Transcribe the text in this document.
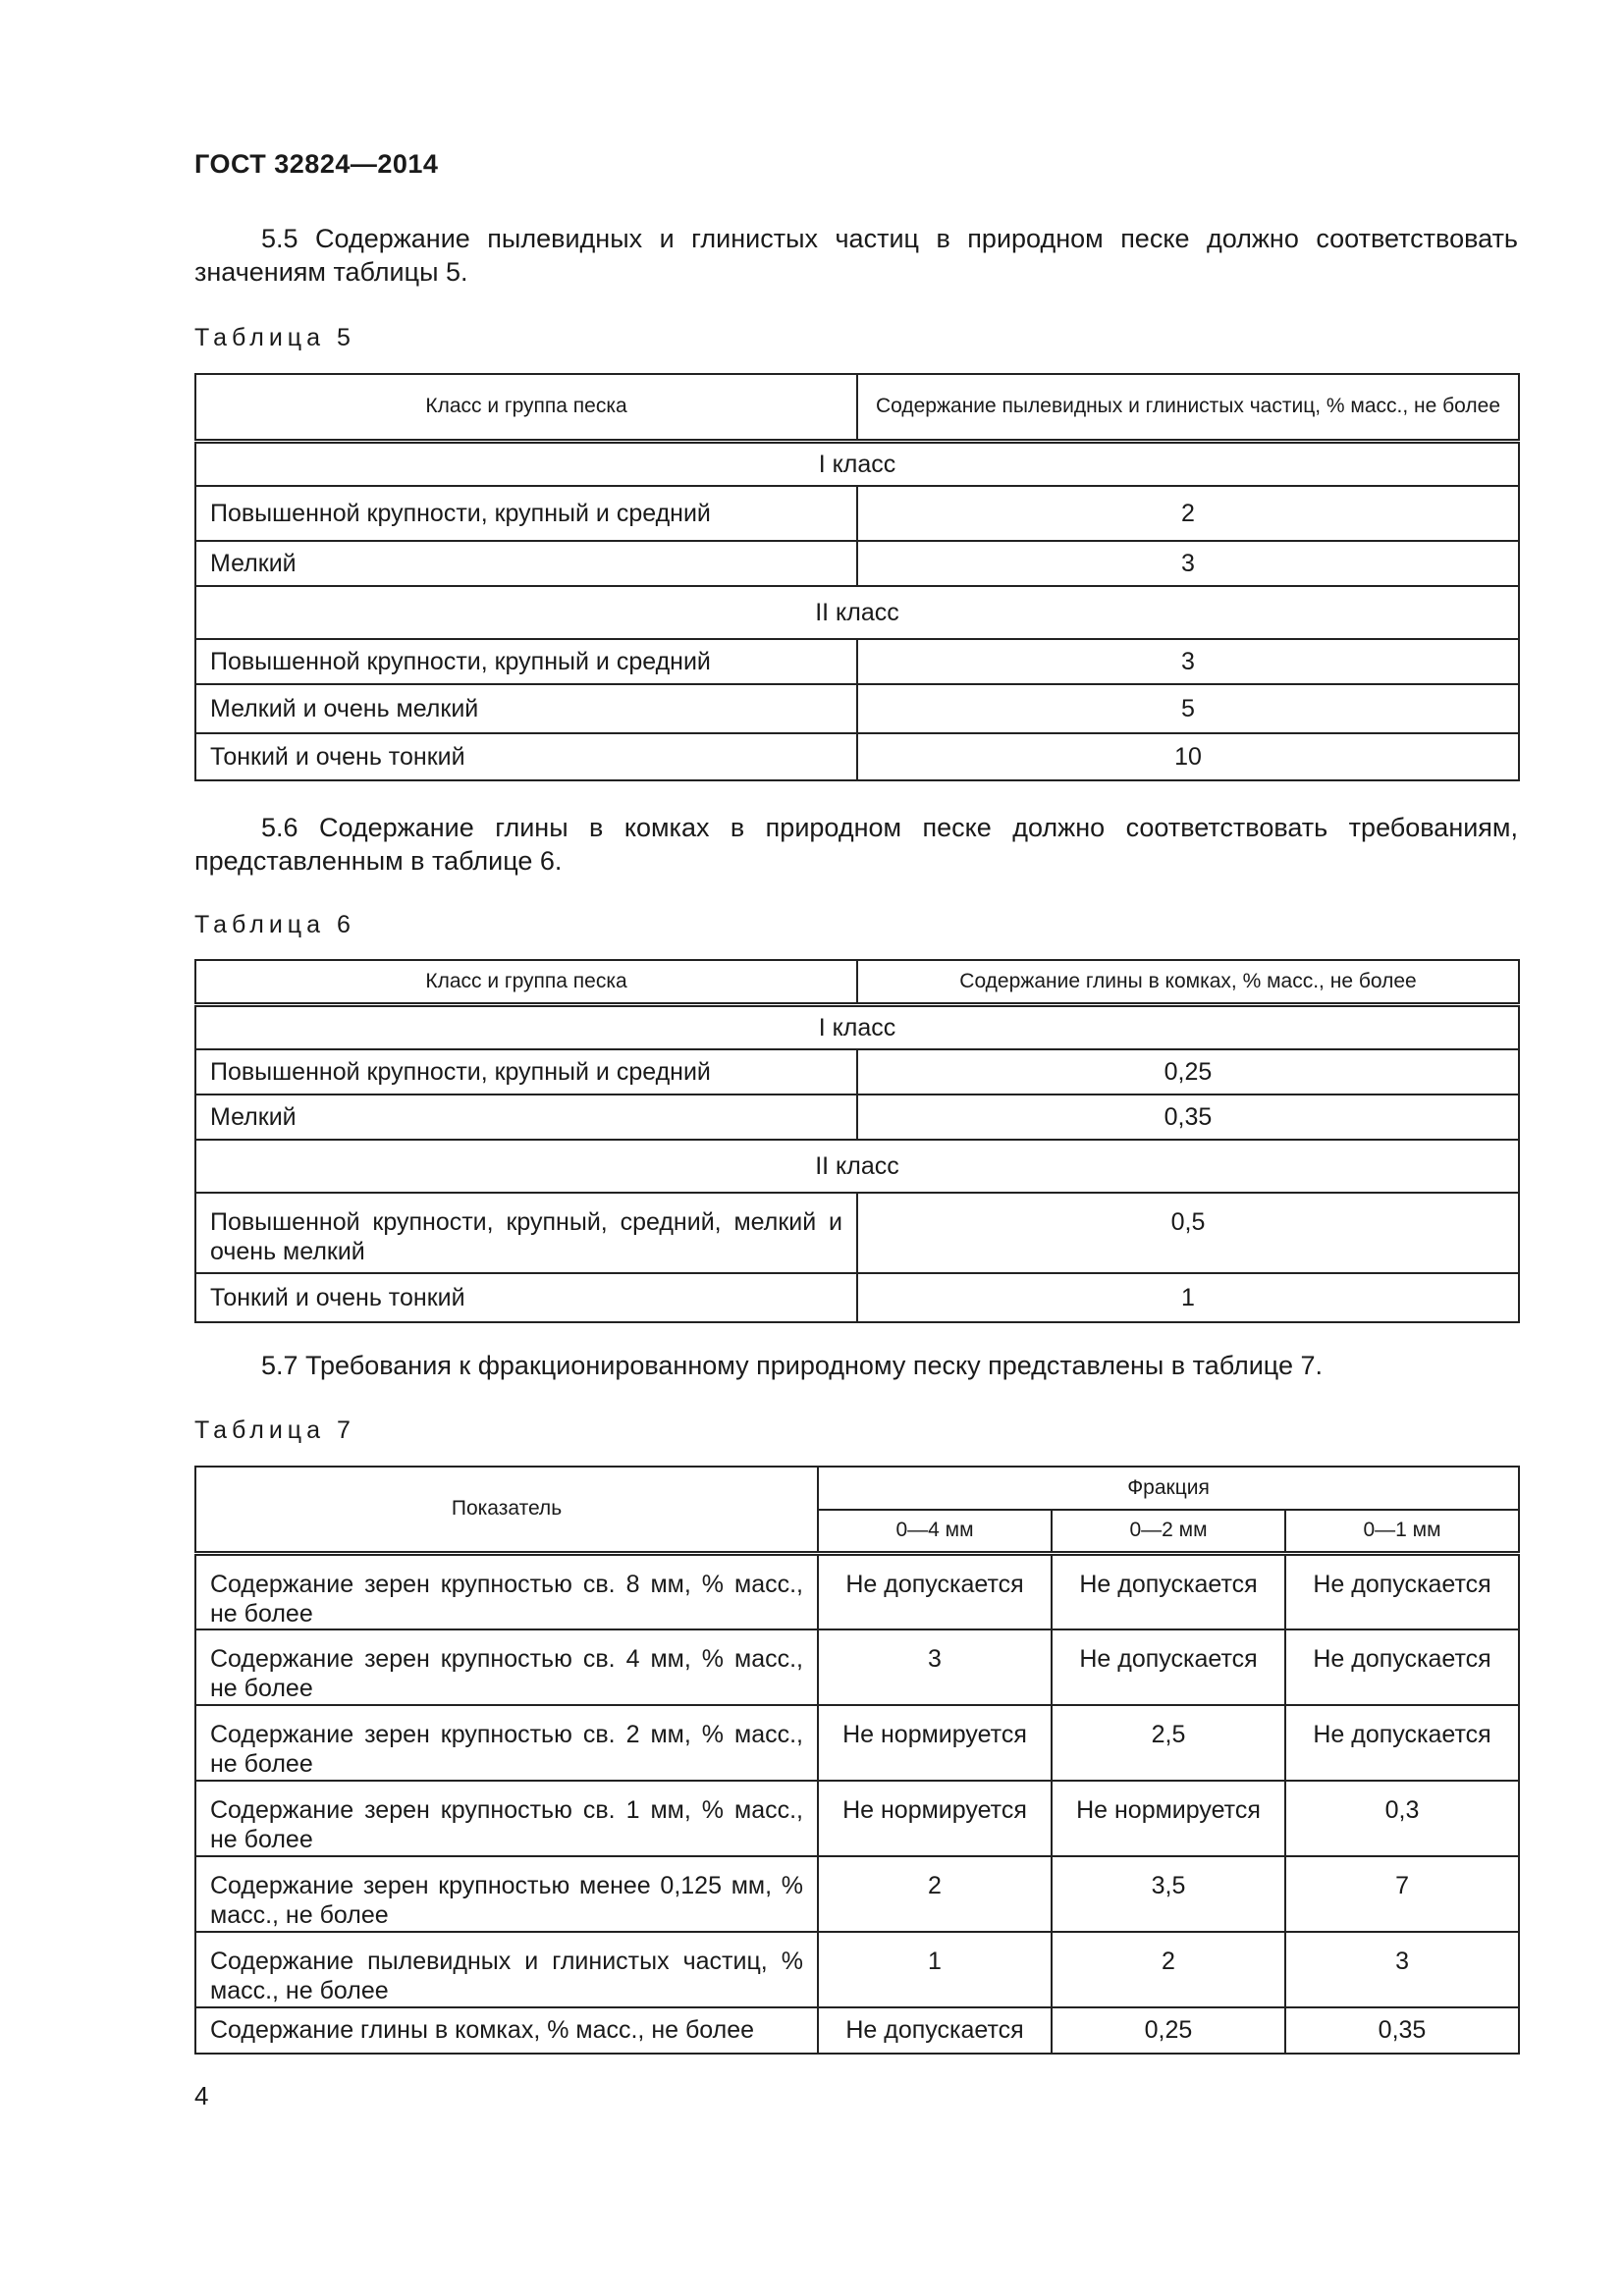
ГОСТ 32824—2014
5.5 Содержание пылевидных и глинистых частиц в природном песке должно соответствовать значениям таблицы 5.
Таблица 5
Класс и группа песка	Содержание пылевидных и глинистых частиц, % масс., не более
I класс	
Повышенной крупности, крупный и средний	2
Мелкий	3
II класс	
Повышенной крупности, крупный и средний	3
Мелкий и очень мелкий	5
Тонкий и очень тонкий	10
5.6 Содержание глины в комках в природном песке должно соответствовать требованиям, представленным в таблице 6.
Таблица 6
Класс и группа песка	Содержание глины в комках, % масс., не более
I класс	
Повышенной крупности, крупный и средний	0,25
Мелкий	0,35
II класс	
Повышенной крупности, крупный, средний, мелкий и очень мелкий	0,5
Тонкий и очень тонкий	1
5.7 Требования к фракционированному природному песку представлены в таблице 7.
Таблица 7
Показатель	Фракция		
	0—4 мм	0—2 мм	0—1 мм
Содержание зерен крупностью св. 8 мм, % масс., не более	Не допускается	Не допускается	Не допускается
Содержание зерен крупностью св. 4 мм, % масс., не более	3	Не допускается	Не допускается
Содержание зерен крупностью св. 2 мм, % масс., не более	Не нормируется	2,5	Не допускается
Содержание зерен крупностью св. 1 мм, % масс., не более	Не нормируется	Не нормируется	0,3
Содержание зерен крупностью менее 0,125 мм, % масс., не более	2	3,5	7
Содержание пылевидных и глинистых частиц, % масс., не более	1	2	3
Содержание глины в комках, % масс., не более	Не допускается	0,25	0,35
4
